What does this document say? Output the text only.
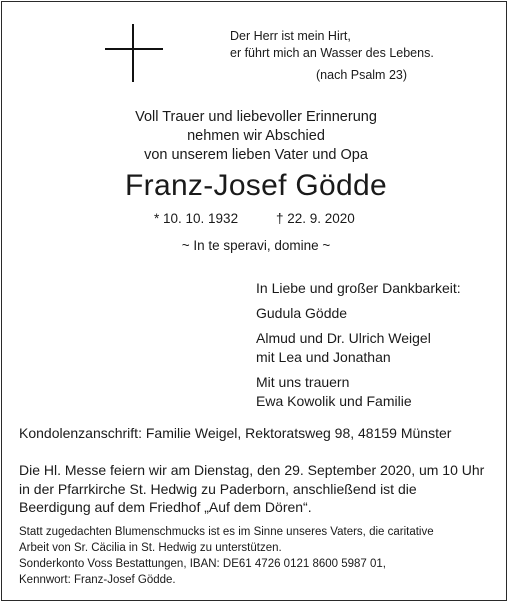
Der Herr ist mein Hirt,
er führt mich an Wasser des Lebens.
(nach Psalm 23)
Voll Trauer und liebevoller Erinnerung
nehmen wir Abschied
von unserem lieben Vater und Opa
Franz-Josef Gödde
* 10. 10. 1932	† 22. 9. 2020
~ In te speravi, domine ~
In Liebe und großer Dankbarkeit:
Gudula Gödde
Almud und Dr. Ulrich Weigel
mit Lea und Jonathan
Mit uns trauern
Ewa Kowolik und Familie
Kondolenzanschrift: Familie Weigel, Rektoratsweg 98, 48159 Münster
Die Hl. Messe feiern wir am Dienstag, den 29. September 2020, um 10 Uhr
in der Pfarrkirche St. Hedwig zu Paderborn, anschließend ist die
Beerdigung auf dem Friedhof „Auf dem Dören“.
Statt zugedachten Blumenschmucks ist es im Sinne unseres Vaters, die caritative
Arbeit von Sr. Cäcilia in St. Hedwig zu unterstützen.
Sonderkonto Voss Bestattungen, IBAN: DE61 4726 0121 8600 5987 01,
Kennwort: Franz-Josef Gödde.
